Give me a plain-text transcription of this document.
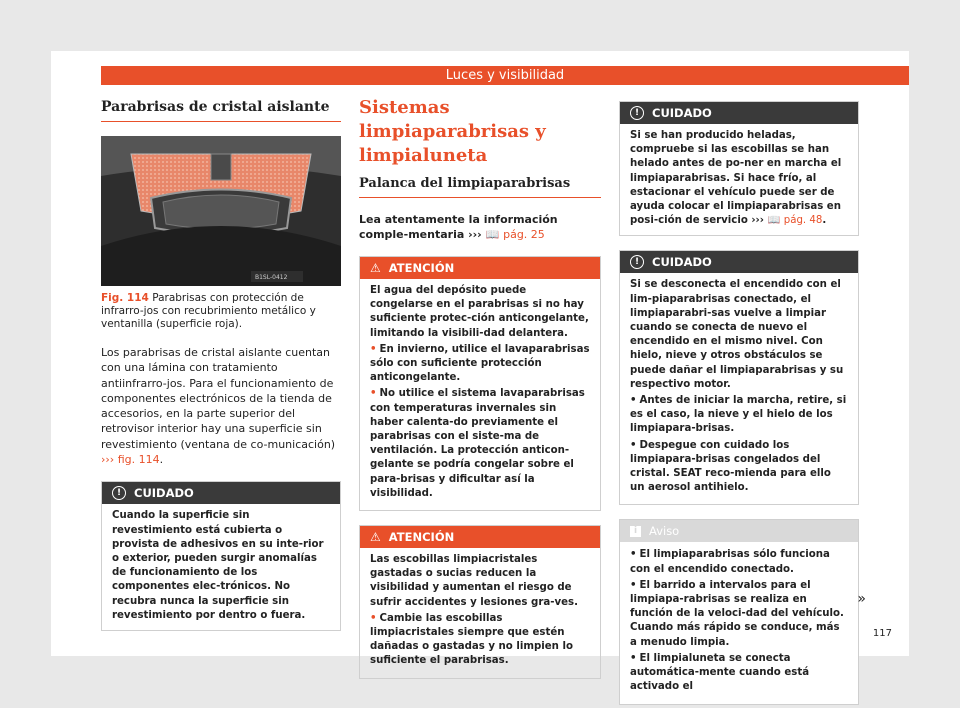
Luces y visibilidad
Parabrisas de cristal aislante
B1SL-0412
Fig. 114 Parabrisas con protección de infrarro-jos con recubrimiento metálico y ventanilla (superficie roja).
Los parabrisas de cristal aislante cuentan con una lámina con tratamiento antiinfrarro-jos. Para el funcionamiento de componentes electrónicos de la tienda de accesorios, en la parte superior del retrovisor interior hay una superficie sin revestimiento (ventana de co-municación) ››› fig. 114.
!	CUIDADO
Cuando la superficie sin revestimiento está cubierta o provista de adhesivos en su inte-rior o exterior, pueden surgir anomalías de funcionamiento de los componentes elec-trónicos. No recubra nunca la superficie sin revestimiento por dentro o fuera.
Sistemas limpiaparabrisas y limpialuneta
Palanca del limpiaparabrisas
Lea atentamente la información comple-mentaria ››› 📖 pág. 25
⚠ ATENCIÓN

El agua del depósito puede congelarse en el parabrisas si no hay suficiente protec-ción anticongelante, limitando la visibili-dad delantera.

• En invierno, utilice el lavaparabrisas sólo con suficiente protección anticongelante.

• No utilice el sistema lavaparabrisas con temperaturas invernales sin haber calenta-do previamente el parabrisas con el siste-ma de ventilación. La protección anticon-gelante se podría congelar sobre el para-brisas y dificultar así la visibilidad.

⚠ ATENCIÓN

Las escobillas limpiacristales gastadas o sucias reducen la visibilidad y aumentan el riesgo de sufrir accidentes y lesiones gra-ves.

• Cambie las escobillas limpiacristales siempre que estén dañadas o gastadas y no limpien lo suficiente el parabrisas.

!	CUIDADO
Si se han producido heladas, compruebe si las escobillas se han helado antes de po-ner en marcha el limpiaparabrisas. Si hace frío, al estacionar el vehículo puede ser de ayuda colocar el limpiaparabrisas en posi-ción de servicio ››› 📖 pág. 48.
!	CUIDADO

Si se desconecta el encendido con el lim-piaparabrisas conectado, el limpiaparabri-sas vuelve a limpiar cuando se conecta de nuevo el encendido en el mismo nivel. Con hielo, nieve y otros obstáculos se puede dañar el limpiaparabrisas y su respectivo motor.

• Antes de iniciar la marcha, retire, si es el caso, la nieve y el hielo de los limpiapara-brisas.

• Despegue con cuidado los limpiapara-brisas congelados del cristal. SEAT reco-mienda para ello un aerosol antihielo.

i	Aviso

• El limpiaparabrisas sólo funciona con el encendido conectado.

• El barrido a intervalos para el limpiapa-rabrisas se realiza en función de la veloci-dad del vehículo. Cuando más rápido se conduce, más a menudo limpia.

• El limpialuneta se conecta automática-mente cuando está activado el

»
117
